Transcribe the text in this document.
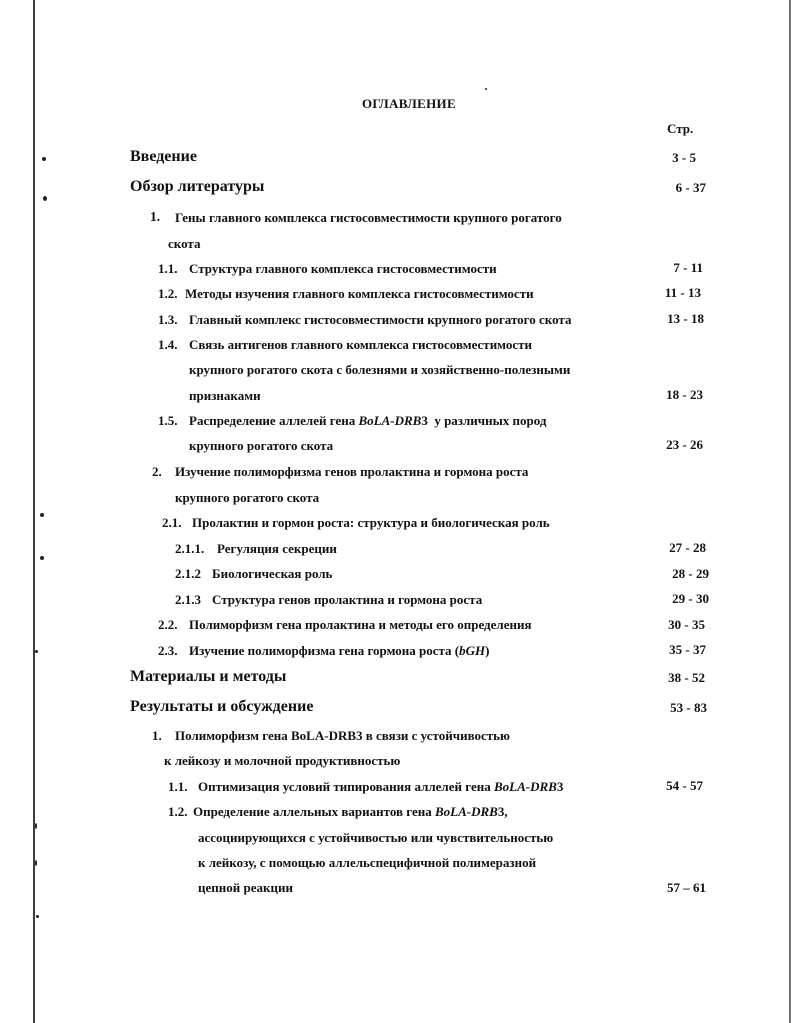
ОГЛАВЛЕНИЕ
Стр.
Введение	3 - 5
Обзор литературы	6 - 37
1. Гены главного комплекса гистосовместимости крупного рогатого
скота
1.1. Структура главного комплекса гистосовместимости	7 - 11
1.2. Методы изучения главного комплекса гистосовместимости	11 - 13
1.3. Главный комплекс гистосовместимости крупного рогатого скота	13 - 18
1.4. Связь антигенов главного комплекса гистосовместимости
крупного рогатого скота с болезнями и хозяйственно-полезными
признаками	18 - 23
1.5. Распределение аллелей гена BoLA-DRB3  у различных пород
крупного рогатого скота	23 - 26
2. Изучение полиморфизма генов пролактина и гормона роста
крупного рогатого скота
2.1. Пролактин и гормон роста: структура и биологическая роль
2.1.1. Регуляция секреции	27 - 28
2.1.2 Биологическая роль	28 - 29
2.1.3 Структура генов пролактина и гормона роста	29 - 30
2.2. Полиморфизм гена пролактина и методы его определения	30 - 35
2.3. Изучение полиморфизма гена гормона роста (bGH)	35 - 37
Материалы и методы	38 - 52
Результаты и обсуждение	53 - 83
1. Полиморфизм гена BoLA-DRB3 в связи с устойчивостью
к лейкозу и молочной продуктивностью
1.1. Оптимизация условий типирования аллелей гена BoLA-DRB3	54 - 57
1.2. Определение аллельных вариантов гена BoLA-DRB3,
ассоциирующихся с устойчивостью или чувствительностью
к лейкозу, с помощью аллельспецифичной полимеразной
цепной реакции	57 – 61
